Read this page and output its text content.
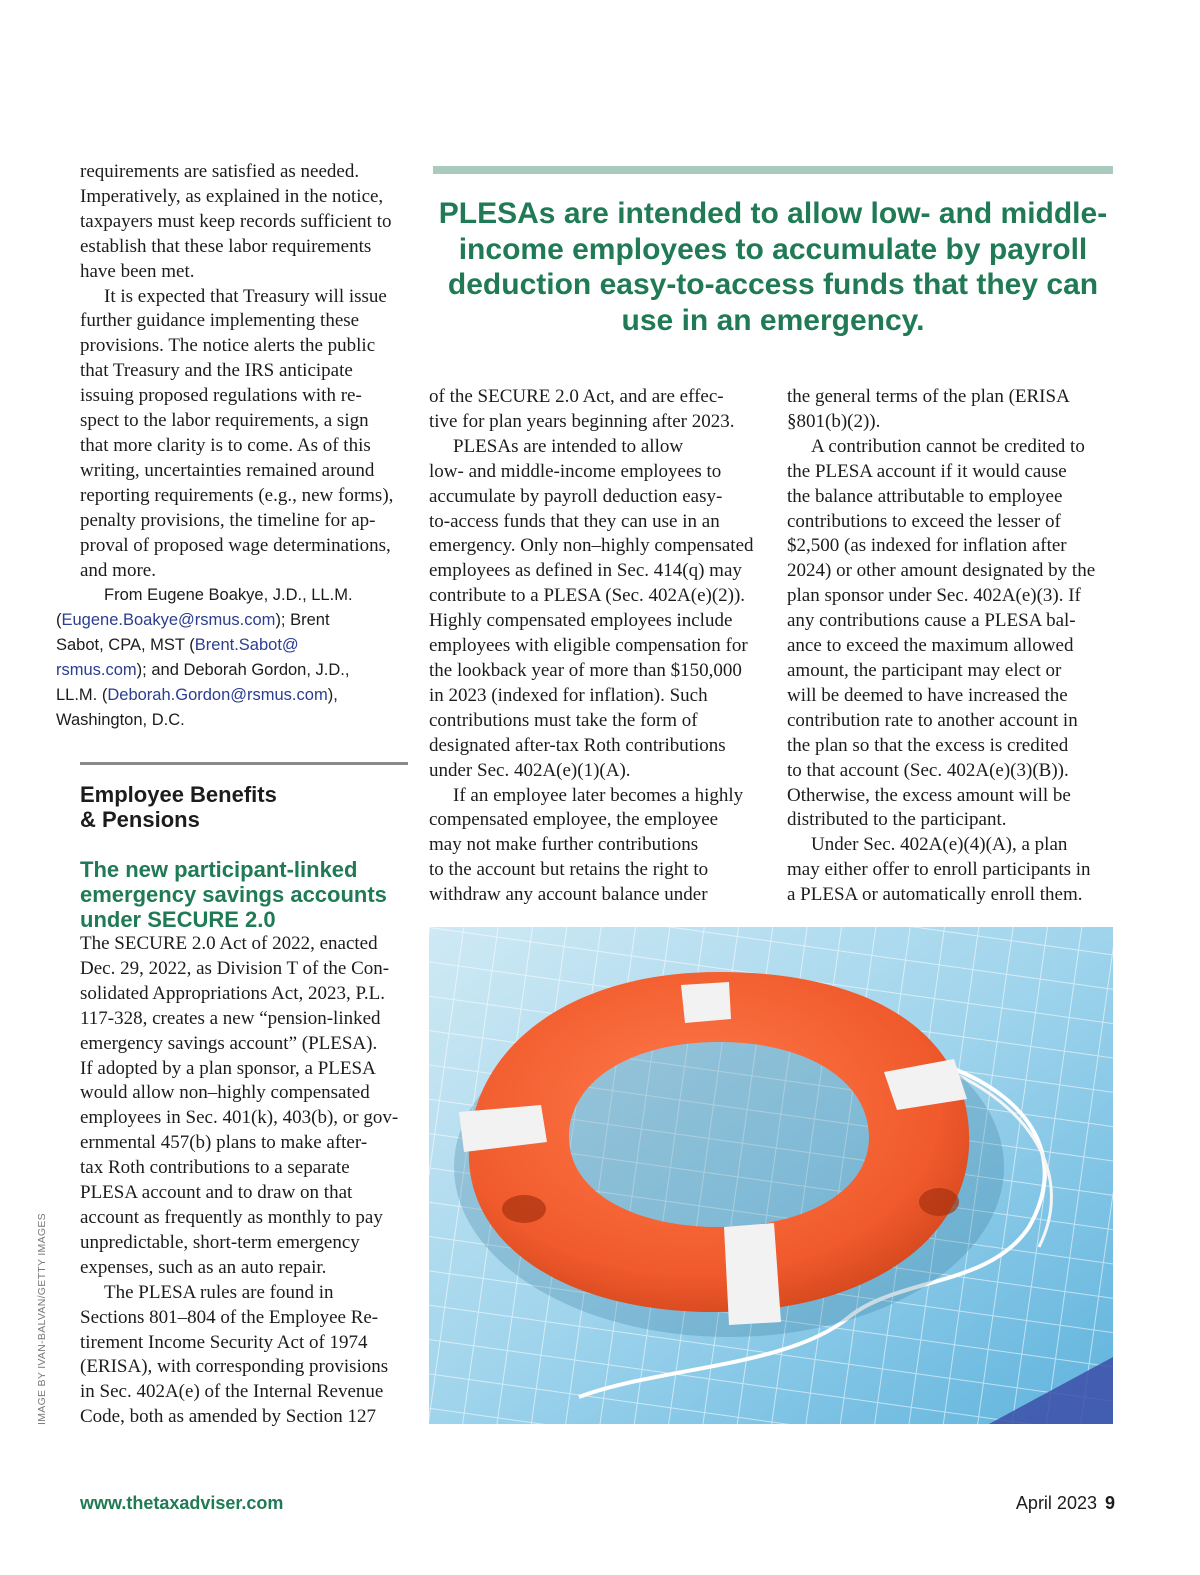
requirements are satisfied as needed.
Imperatively, as explained in the notice,
taxpayers must keep records sufficient to
establish that these labor requirements
have been met.

It is expected that Treasury will issue
further guidance implementing these
provisions. The notice alerts the public
that Treasury and the IRS anticipate
issuing proposed regulations with re-
spect to the labor requirements, a sign
that more clarity is to come. As of this
writing, uncertainties remained around
reporting requirements (e.g., new forms),
penalty provisions, the timeline for ap-
proval of proposed wage determinations,
and more.

From Eugene Boakye, J.D., LL.M.
(Eugene.Boakye@rsmus.com); Brent
Sabot, CPA, MST (Brent.Sabot@
rsmus.com); and Deborah Gordon, J.D.,
LL.M. (Deborah.Gordon@rsmus.com),
Washington, D.C.

Employee Benefits
& Pensions

The new participant-linked
emergency savings accounts
under SECURE 2.0

The SECURE 2.0 Act of 2022, enacted
Dec. 29, 2022, as Division T of the Con-
solidated Appropriations Act, 2023, P.L.
117-328, creates a new “pension-linked
emergency savings account” (PLESA).
If adopted by a plan sponsor, a PLESA
would allow non–highly compensated
employees in Sec. 401(k), 403(b), or gov-
ernmental 457(b) plans to make after-
tax Roth contributions to a separate
PLESA account and to draw on that
account as frequently as monthly to pay
unpredictable, short-term emergency
expenses, such as an auto repair.

The PLESA rules are found in
Sections 801–804 of the Employee Re-
tirement Income Security Act of 1974
(ERISA), with corresponding provisions
in Sec. 402A(e) of the Internal Revenue
Code, both as amended by Section 127

PLESAs are intended to allow low- and middle-income employees to accumulate by payroll deduction easy-to-access funds that they can use in an emergency.

of the SECURE 2.0 Act, and are effec-
tive for plan years beginning after 2023.

PLESAs are intended to allow
low- and middle-income employees to
accumulate by payroll deduction easy-
to-access funds that they can use in an
emergency. Only non–highly compensated
employees as defined in Sec. 414(q) may
contribute to a PLESA (Sec. 402A(e)(2)).
Highly compensated employees include
employees with eligible compensation for
the lookback year of more than $150,000
in 2023 (indexed for inflation). Such
contributions must take the form of
designated after-tax Roth contributions
under Sec. 402A(e)(1)(A).

If an employee later becomes a highly
compensated employee, the employee
may not make further contributions
to the account but retains the right to
withdraw any account balance under

the general terms of the plan (ERISA
§801(b)(2)).

A contribution cannot be credited to
the PLESA account if it would cause
the balance attributable to employee
contributions to exceed the lesser of
$2,500 (as indexed for inflation after
2024) or other amount designated by the
plan sponsor under Sec. 402A(e)(3). If
any contributions cause a PLESA bal-
ance to exceed the maximum allowed
amount, the participant may elect or
will be deemed to have increased the
contribution rate to another account in
the plan so that the excess is credited
to that account (Sec. 402A(e)(3)(B)).
Otherwise, the excess amount will be
distributed to the participant.

Under Sec. 402A(e)(4)(A), a plan
may either offer to enroll participants in
a PLESA or automatically enroll them.

IMAGE BY IVAN-BALVAN/GETTY IMAGES
www.thetaxadviser.com	April 2023 9
